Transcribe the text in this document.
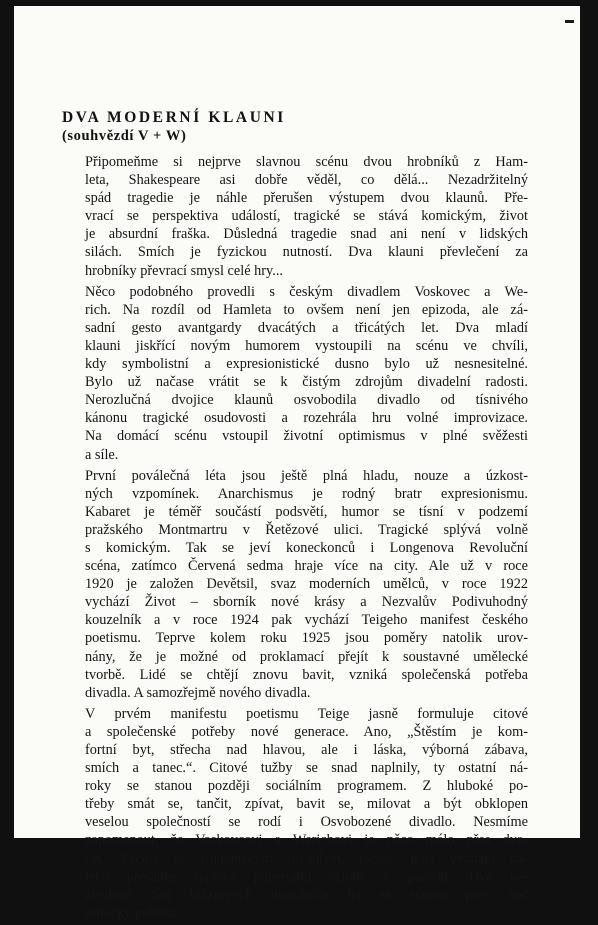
DVA MODERNÍ KLAUNI

(souhvězdí V + W)

Připomeňme si nejprve slavnou scénu dvou hrobníků z Ham-
leta, Shakespeare asi dobře věděl, co dělá... Nezadržitelný
spád tragedie je náhle přerušen výstupem dvou klaunů. Pře-
vrací se perspektiva událostí, tragické se stává komickým, život
je absurdní fraška. Důsledná tragedie snad ani není v lidských
silách. Smích je fyzickou nutností. Dva klauni převlečení za
hrobníky převrací smysl celé hry...

Něco podobného provedli s českým divadlem Voskovec a We-
rich. Na rozdíl od Hamleta to ovšem není jen epizoda, ale zá-
sadní gesto avantgardy dvacátých a třicátých let. Dva mladí
klauni jiskřící novým humorem vystoupili na scénu ve chvíli,
kdy symbolistní a expresionistické dusno bylo už nesnesitelné.
Bylo už načase vrátit se k čistým zdrojům divadelní radosti.
Nerozlučná dvojice klaunů osvobodila divadlo od tísnivého
kánonu tragické osudovosti a rozehrála hru volné improvizace.
Na domácí scénu vstoupil životní optimismus v plné svěžesti
a síle.

První poválečná léta jsou ještě plná hladu, nouze a úzkost-
ných vzpomínek. Anarchismus je rodný bratr expresionismu.
Kabaret je téměř součástí podsvětí, humor se tísní v podzemí
pražského Montmartru v Řetězové ulici. Tragické splývá volně
s komickým. Tak se jeví koneckonců i Longenova Revoluční
scéna, zatímco Červená sedma hraje více na city. Ale už v roce
1920 je založen Devětsil, svaz moderních umělců, v roce 1922
vychází Život – sborník nové krásy a Nezvalův Podivuhodný
kouzelník a v roce 1924 pak vychází Teigeho manifest českého
poetismu. Teprve kolem roku 1925 jsou poměry natolik urov-
nány, že je možné od proklamací přejít k soustavné umělecké
tvorbě. Lidé se chtějí znovu bavit, vzniká společenská potřeba
divadla. A samozřejmě nového divadla.

V prvém manifestu poetismu Teige jasně formuluje citové
a společenské potřeby nové generace. Ano, „Štěstím je kom-
fortní byt, střecha nad hlavou, ale i láska, výborná zábava,
smích a tanec.“. Citové tužby se snad naplnily, ty ostatní ná-
roky se stanou později sociálním programem. Z hluboké po-
třeby smát se, tančit, zpívat, bavit se, milovat a být obklopen
veselou společností se rodí i Osvobozené divadlo. Nesmíme
zapomenout, že Voskovcovi a Werichovi je něco málo přes dva-
cet. Začíná se studentským divadlem, recesí, jejíž význam da-
leko přesáhne typické pubertální sklony k parodii. Dvě ne-
zvedené děti bláznivých dvacátých let se stanou přes noc
miláčky publika.
